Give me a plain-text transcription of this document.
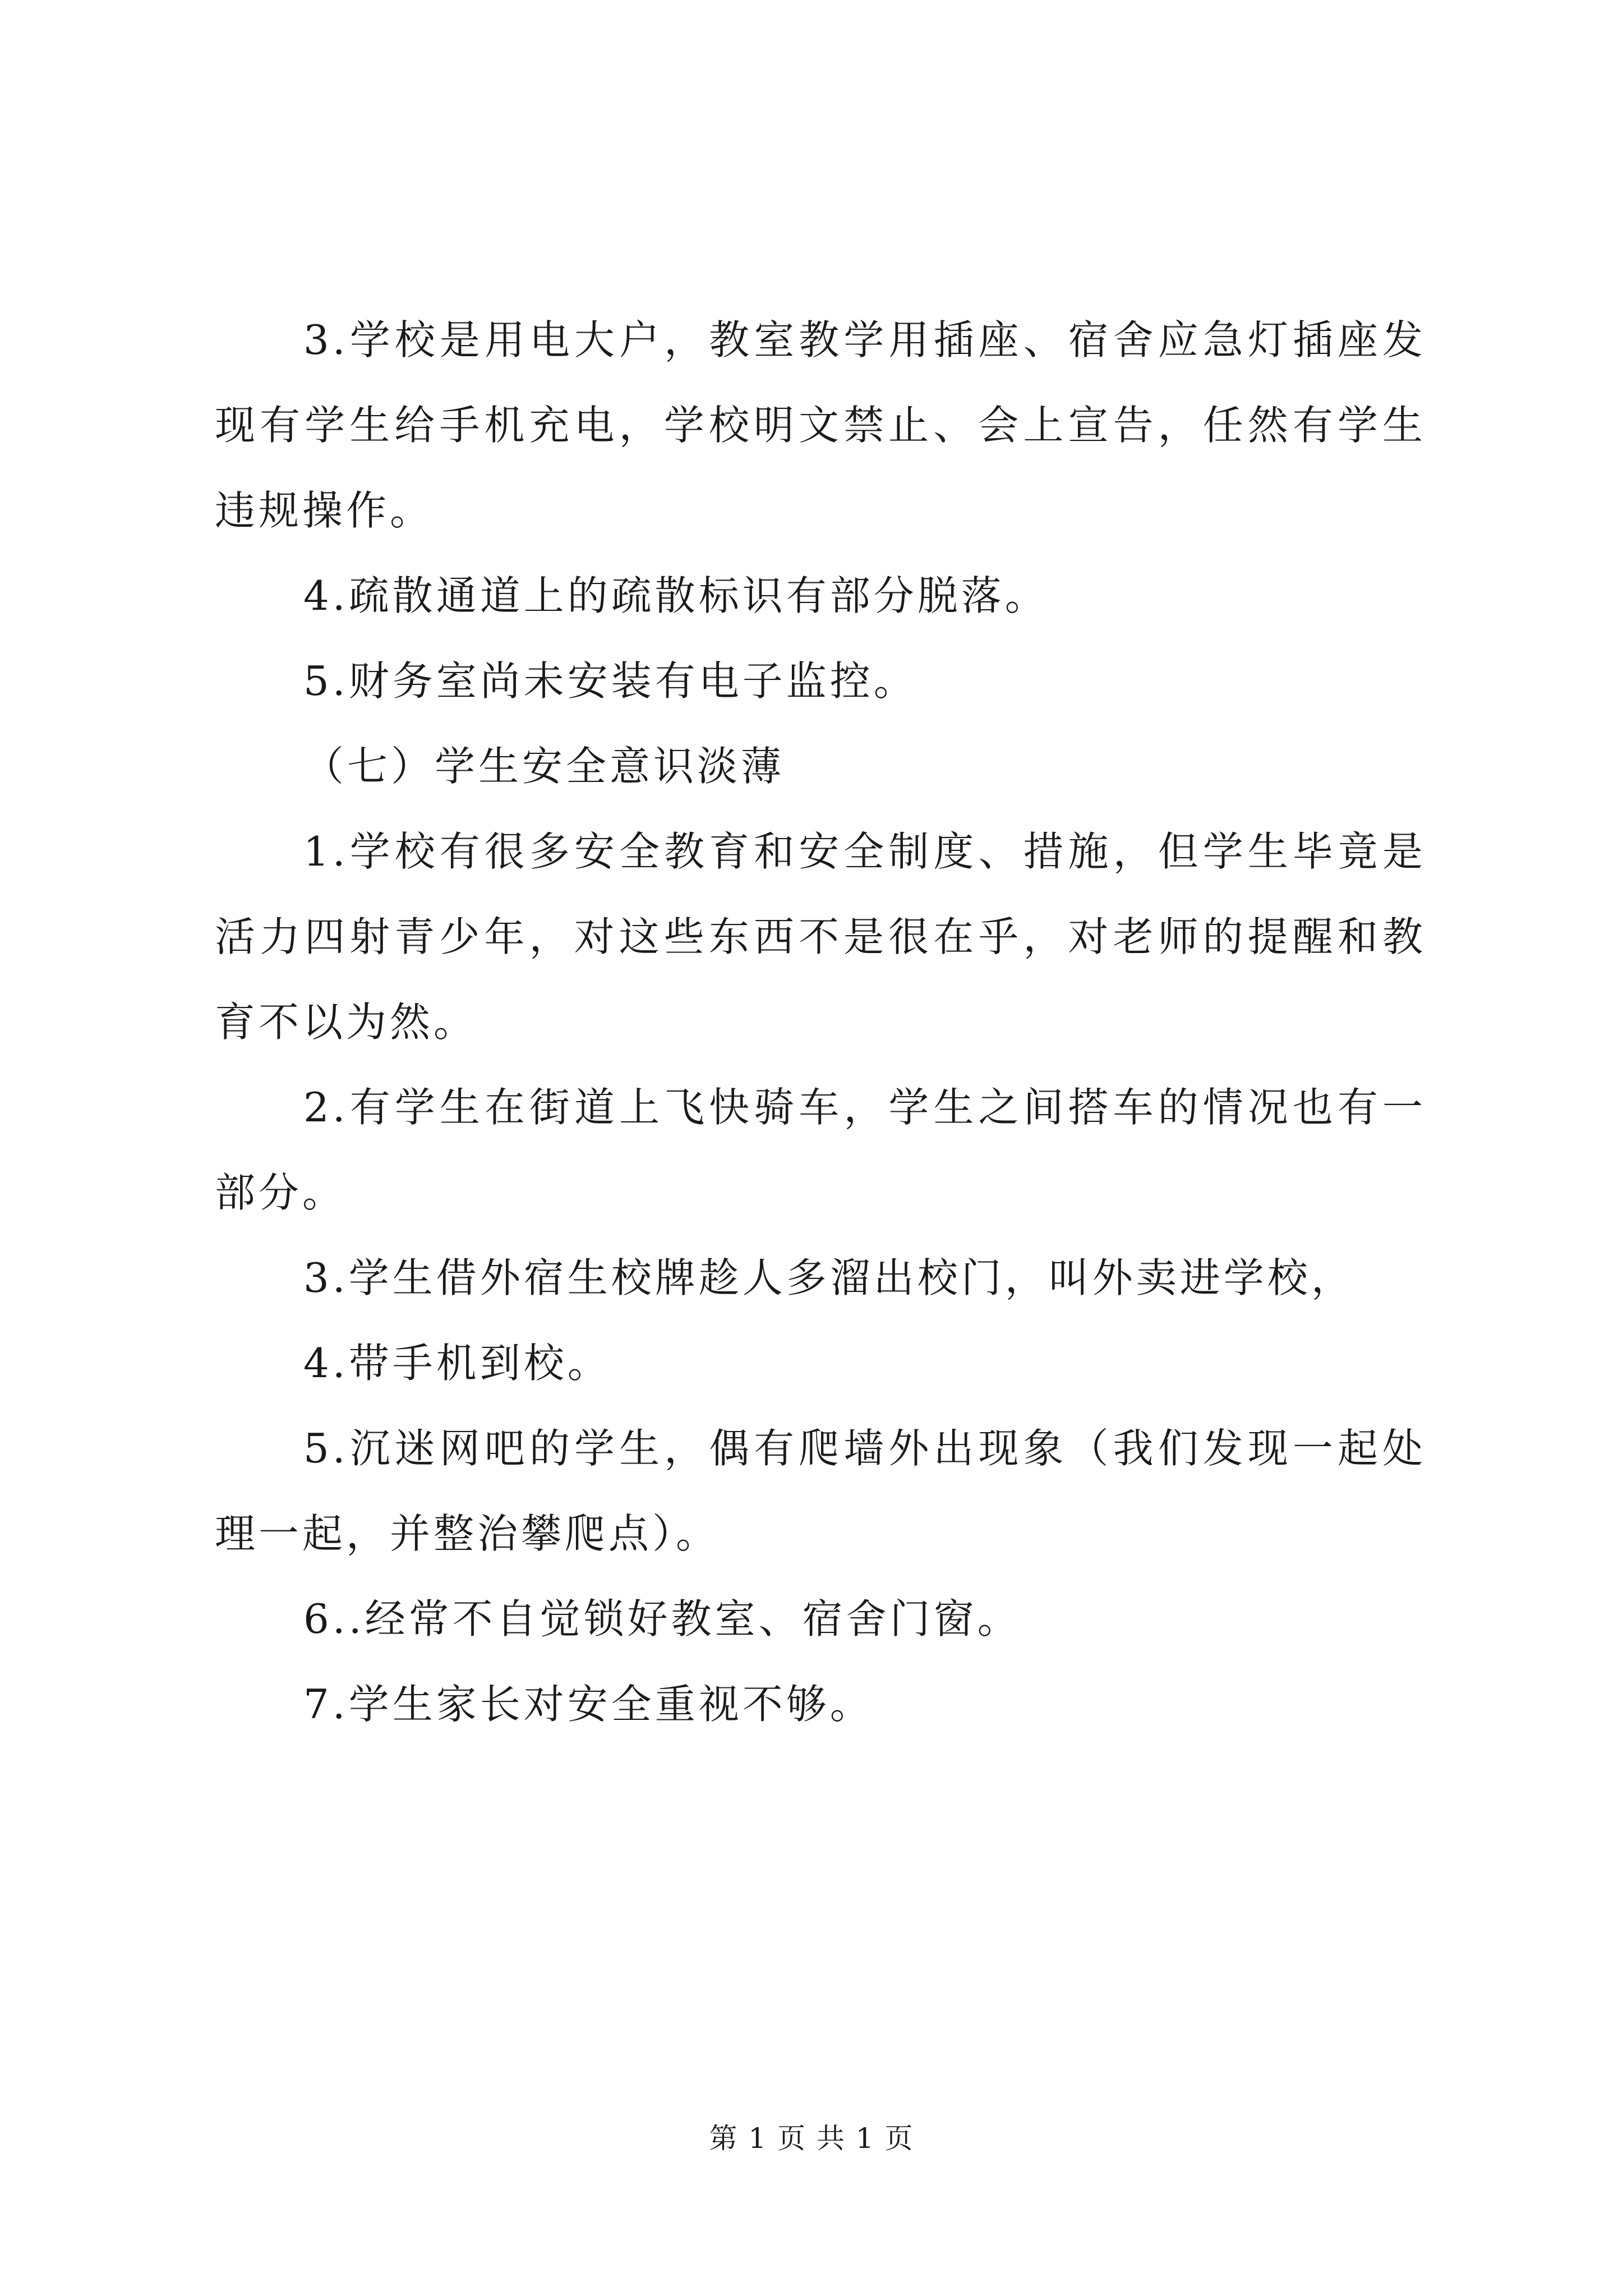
3.学校是用电大户，教室教学用插座、宿舍应急灯插座发现有学生给手机充电，学校明文禁止、会上宣告，任然有学生违规操作。

4.疏散通道上的疏散标识有部分脱落。

5.财务室尚未安装有电子监控。

（七）学生安全意识淡薄

1.学校有很多安全教育和安全制度、措施，但学生毕竟是活力四射青少年，对这些东西不是很在乎，对老师的提醒和教育不以为然。

2.有学生在街道上飞快骑车，学生之间搭车的情况也有一部分。

3.学生借外宿生校牌趁人多溜出校门，叫外卖进学校，

4.带手机到校。

5.沉迷网吧的学生，偶有爬墙外出现象（我们发现一起处理一起，并整治攀爬点）。

6..经常不自觉锁好教室、宿舍门窗。

7.学生家长对安全重视不够。

第 1 页 共 1 页
